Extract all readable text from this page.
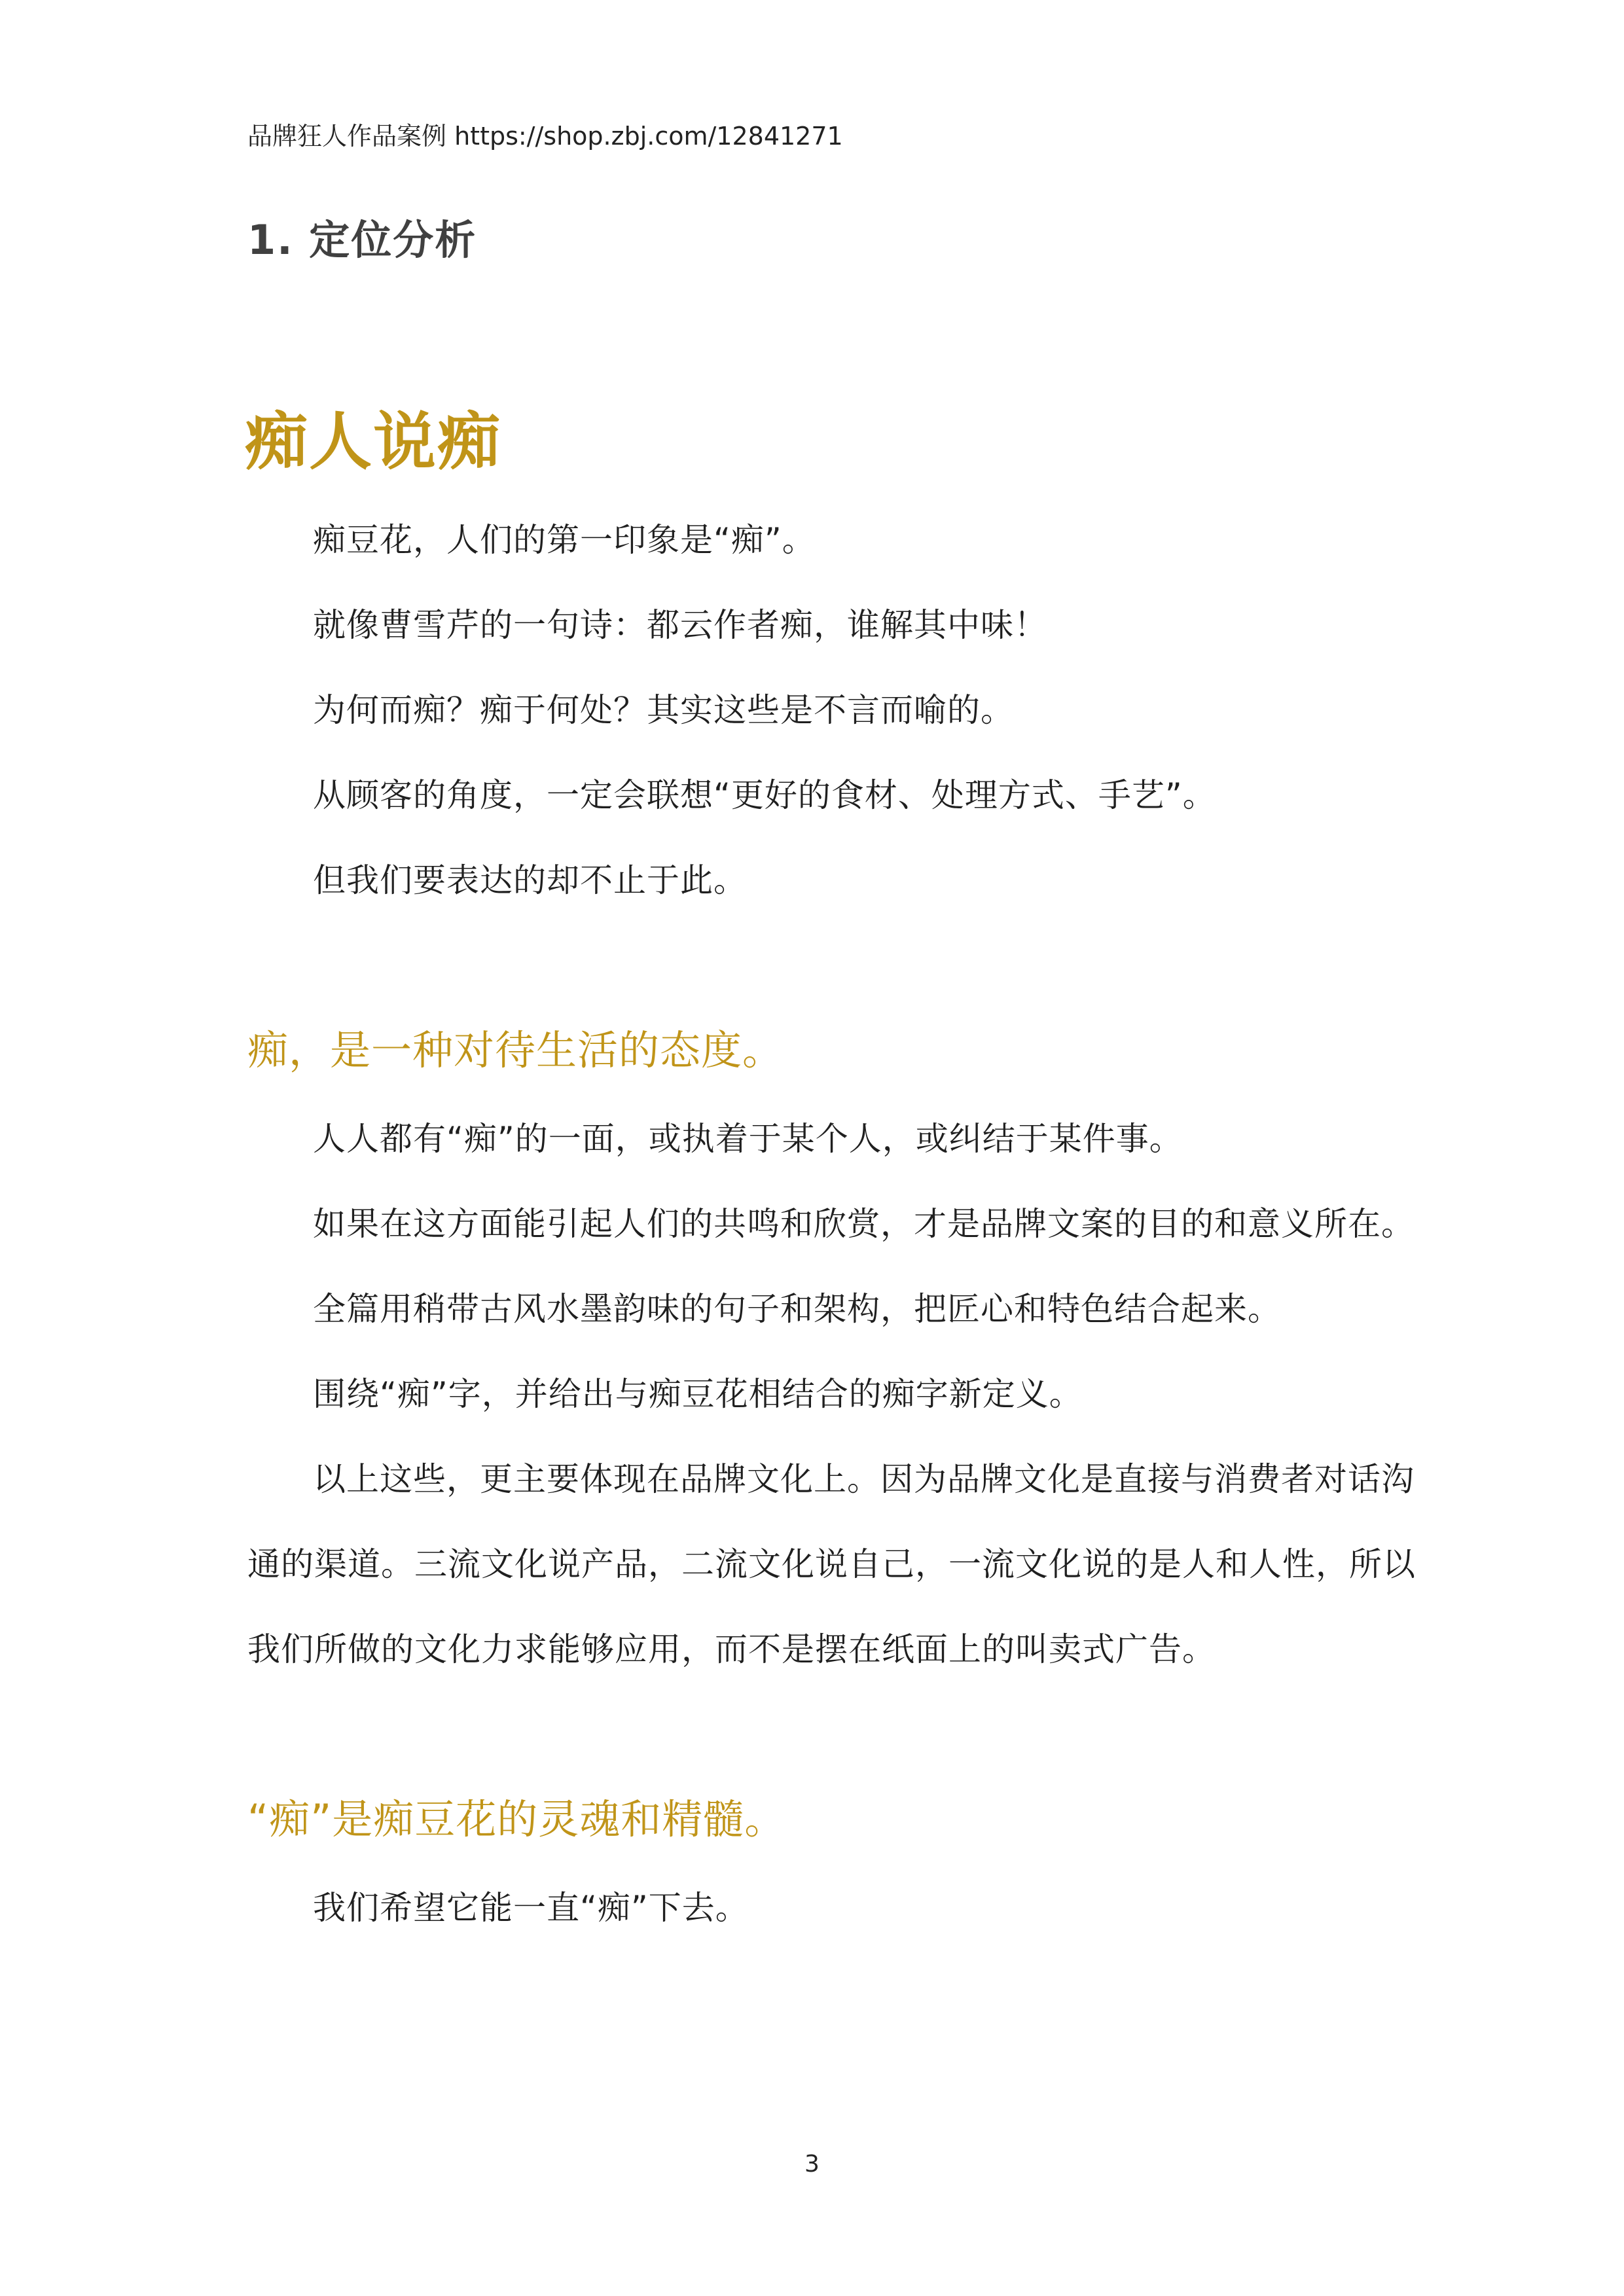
品牌狂人作品案例 https://shop.zbj.com/12841271
1. 定位分析
痴人说痴
痴豆花，人们的第一印象是“痴”。
就像曹雪芹的一句诗：都云作者痴，谁解其中味！
为何而痴？痴于何处？其实这些是不言而喻的。
从顾客的角度，一定会联想“更好的食材、处理方式、手艺”。
但我们要表达的却不止于此。
痴，是一种对待生活的态度。
人人都有“痴”的一面，或执着于某个人，或纠结于某件事。
如果在这方面能引起人们的共鸣和欣赏，才是品牌文案的目的和意义所在。
全篇用稍带古风水墨韵味的句子和架构，把匠心和特色结合起来。
围绕“痴”字，并给出与痴豆花相结合的痴字新定义。
以上这些，更主要体现在品牌文化上。因为品牌文化是直接与消费者对话沟
通的渠道。三流文化说产品，二流文化说自己，一流文化说的是人和人性，所以
我们所做的文化力求能够应用，而不是摆在纸面上的叫卖式广告。
“痴”是痴豆花的灵魂和精髓。
我们希望它能一直“痴”下去。
3
